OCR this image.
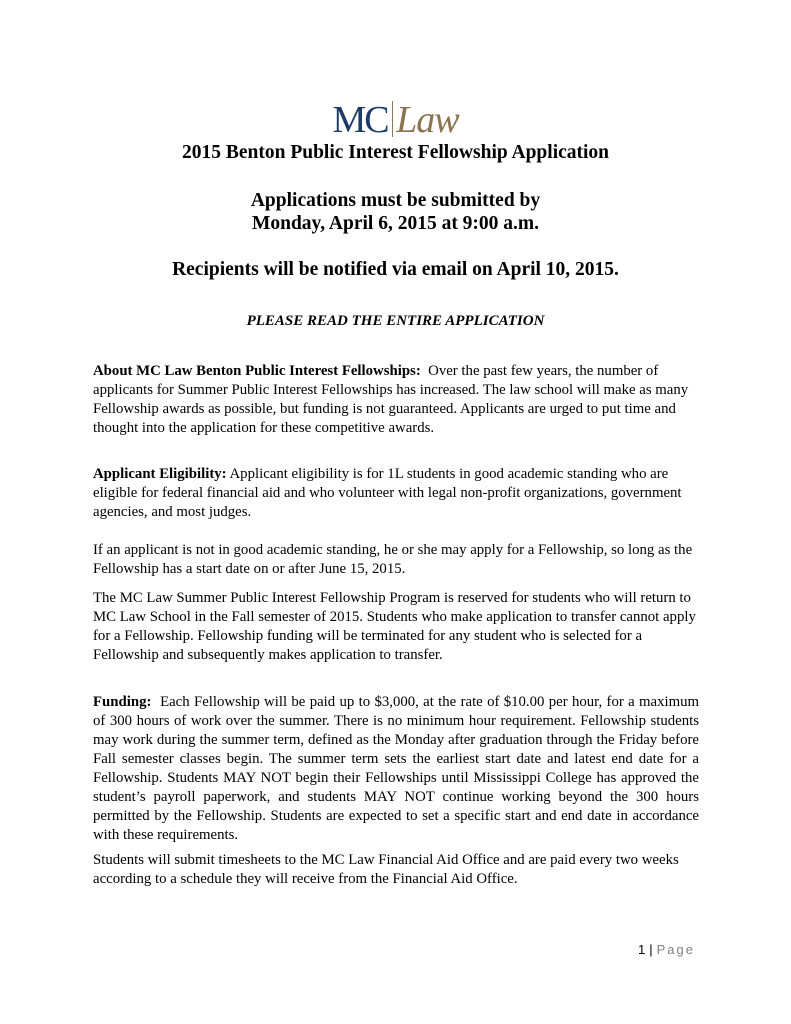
MC Law
2015 Benton Public Interest Fellowship Application
Applications must be submitted by
Monday, April 6, 2015 at 9:00 a.m.
Recipients will be notified via email on April 10, 2015.
PLEASE READ THE ENTIRE APPLICATION
About MC Law Benton Public Interest Fellowships: Over the past few years, the number of applicants for Summer Public Interest Fellowships has increased. The law school will make as many Fellowship awards as possible, but funding is not guaranteed. Applicants are urged to put time and thought into the application for these competitive awards.
Applicant Eligibility: Applicant eligibility is for 1L students in good academic standing who are eligible for federal financial aid and who volunteer with legal non-profit organizations, government agencies, and most judges.
If an applicant is not in good academic standing, he or she may apply for a Fellowship, so long as the Fellowship has a start date on or after June 15, 2015.
The MC Law Summer Public Interest Fellowship Program is reserved for students who will return to MC Law School in the Fall semester of 2015. Students who make application to transfer cannot apply for a Fellowship. Fellowship funding will be terminated for any student who is selected for a Fellowship and subsequently makes application to transfer.
Funding: Each Fellowship will be paid up to $3,000, at the rate of $10.00 per hour, for a maximum of 300 hours of work over the summer. There is no minimum hour requirement. Fellowship students may work during the summer term, defined as the Monday after graduation through the Friday before Fall semester classes begin. The summer term sets the earliest start date and latest end date for a Fellowship. Students MAY NOT begin their Fellowships until Mississippi College has approved the student’s payroll paperwork, and students MAY NOT continue working beyond the 300 hours permitted by the Fellowship. Students are expected to set a specific start and end date in accordance with these requirements.
Students will submit timesheets to the MC Law Financial Aid Office and are paid every two weeks according to a schedule they will receive from the Financial Aid Office.
1 | Page
